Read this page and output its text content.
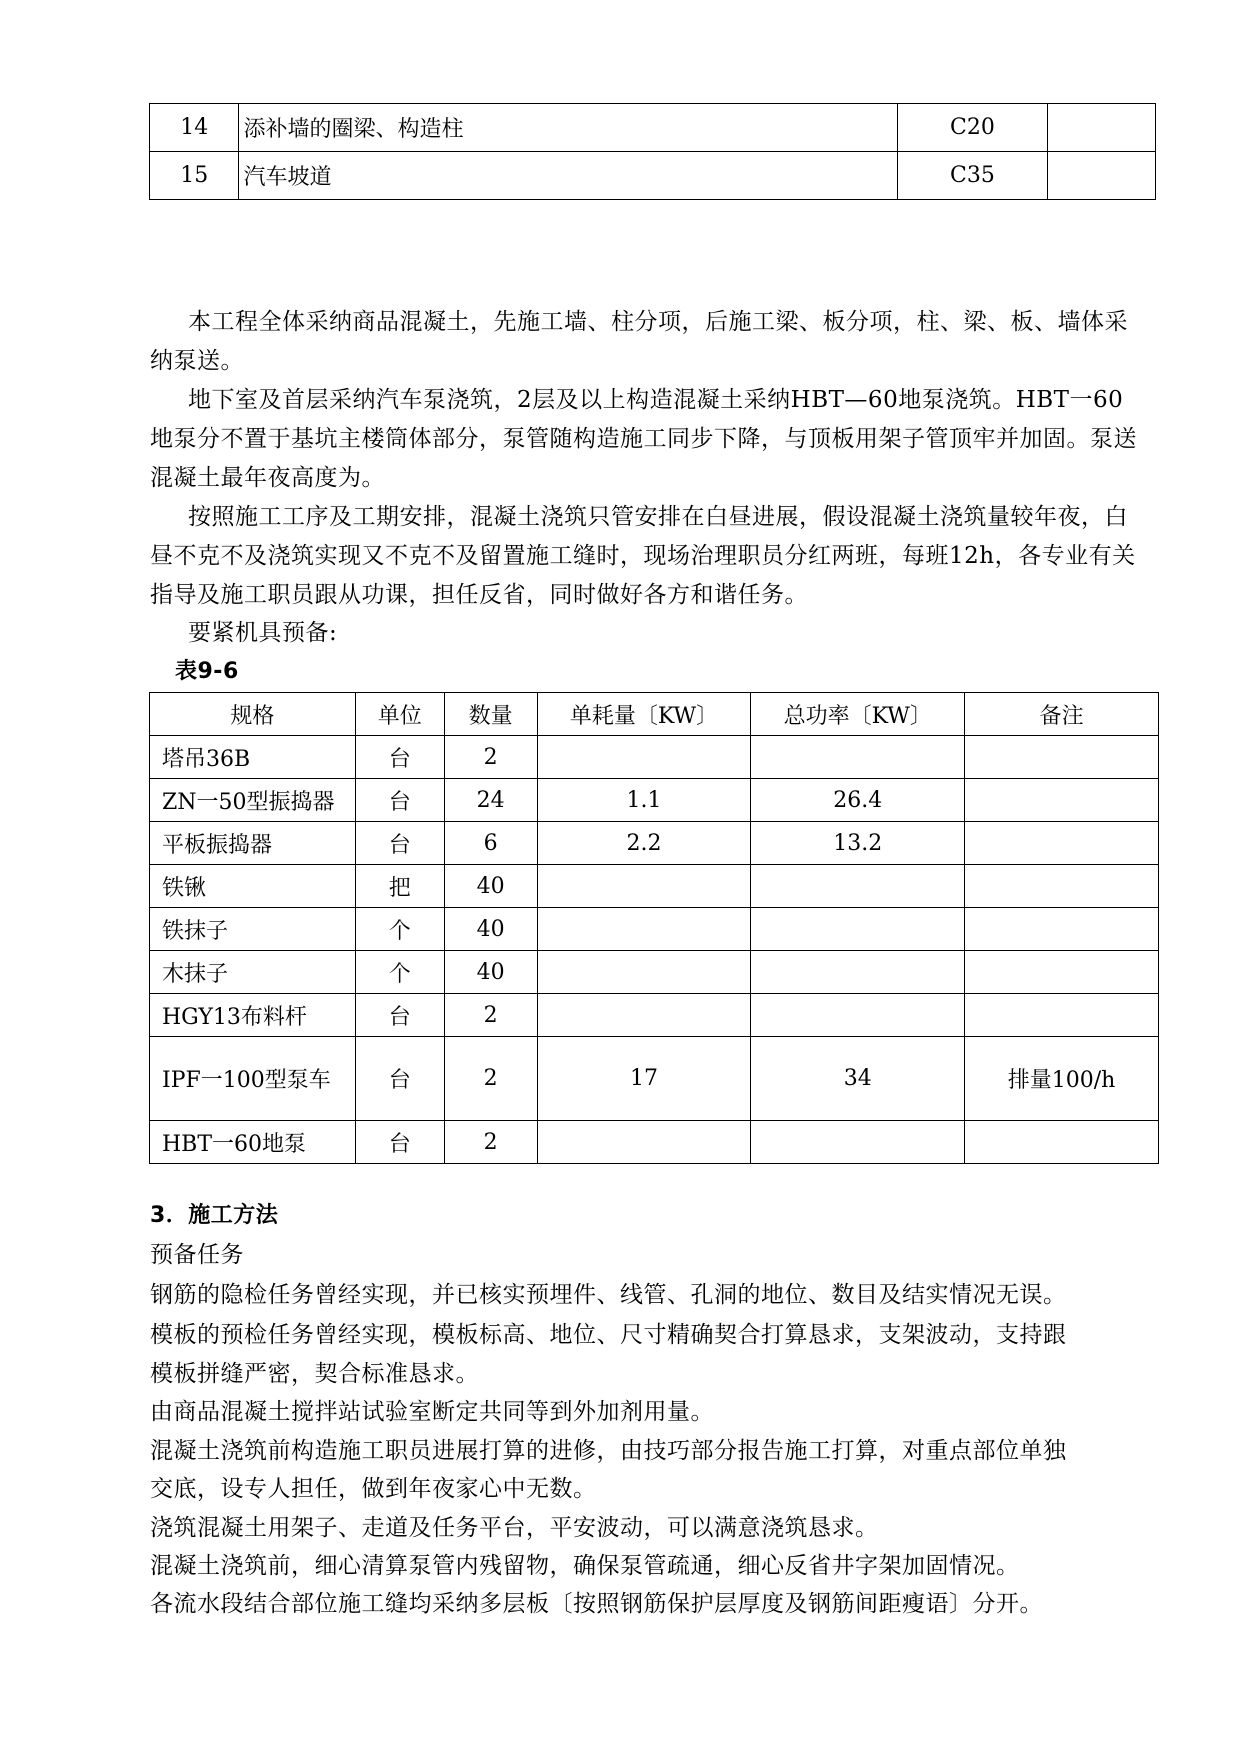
14	添补墙的圈梁、构造柱	C20	
15	汽车坡道	C35	

本工程全体采纳商品混凝土，先施工墙、柱分项，后施工梁、板分项，柱、梁、板、墙体采纳泵送。

地下室及首层采纳汽车泵浇筑，2层及以上构造混凝土采纳HBT—60地泵浇筑。HBT一60地泵分不置于基坑主楼筒体部分，泵管随构造施工同步下降，与顶板用架子管顶牢并加固。泵送混凝土最年夜高度为。

按照施工工序及工期安排，混凝土浇筑只管安排在白昼进展，假设混凝土浇筑量较年夜，白昼不克不及浇筑实现又不克不及留置施工缝时，现场治理职员分红两班，每班12h，各专业有关指导及施工职员跟从功课，担任反省，同时做好各方和谐任务。

要紧机具预备:

表9-6
规格	单位	数量	单耗量〔KW〕	总功率〔KW〕	备注
塔吊36B	台	2			
ZN一50型振捣器	台	24	1.1	26.4	
平板振捣器	台	6	2.2	13.2	
铁锹	把	40			
铁抹子	个	40			
木抹子	个	40			
HGY13布料杆	台	2			
IPF一100型泵车	台	2	17	34	排量100/h
HBT一60地泵	台	2			
3．施工方法
预备任务
钢筋的隐检任务曾经实现，并已核实预埋件、线管、孔洞的地位、数目及结实情况无误。
模板的预检任务曾经实现，模板标高、地位、尺寸精确契合打算恳求，支架波动，支持跟
模板拼缝严密，契合标准恳求。
由商品混凝土搅拌站试验室断定共同等到外加剂用量。
混凝土浇筑前构造施工职员进展打算的进修，由技巧部分报告施工打算，对重点部位单独
交底，设专人担任，做到年夜家心中无数。
浇筑混凝土用架子、走道及任务平台，平安波动，可以满意浇筑恳求。
混凝土浇筑前，细心清算泵管内残留物，确保泵管疏通，细心反省井字架加固情况。
各流水段结合部位施工缝均采纳多层板〔按照钢筋保护层厚度及钢筋间距瘦语〕分开。
